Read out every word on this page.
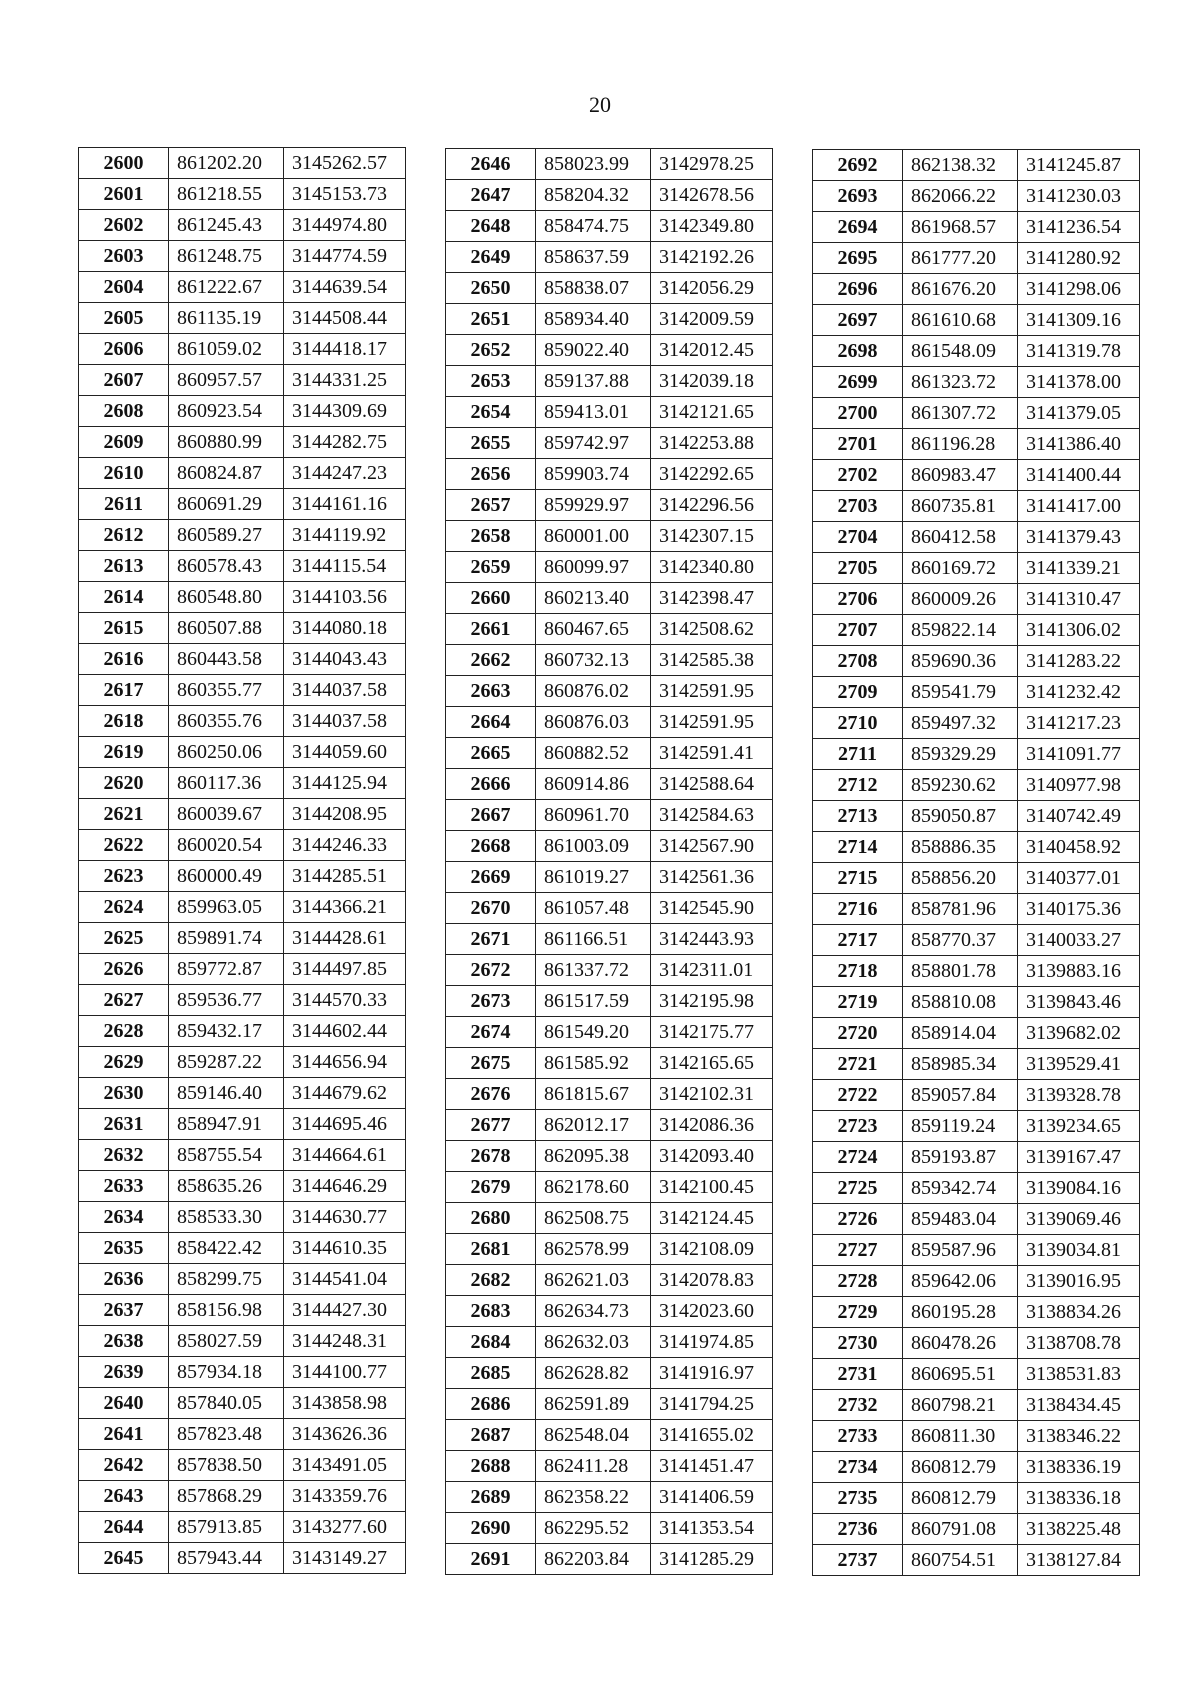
20
2600	861202.20	3145262.57
2601	861218.55	3145153.73
2602	861245.43	3144974.80
2603	861248.75	3144774.59
2604	861222.67	3144639.54
2605	861135.19	3144508.44
2606	861059.02	3144418.17
2607	860957.57	3144331.25
2608	860923.54	3144309.69
2609	860880.99	3144282.75
2610	860824.87	3144247.23
2611	860691.29	3144161.16
2612	860589.27	3144119.92
2613	860578.43	3144115.54
2614	860548.80	3144103.56
2615	860507.88	3144080.18
2616	860443.58	3144043.43
2617	860355.77	3144037.58
2618	860355.76	3144037.58
2619	860250.06	3144059.60
2620	860117.36	3144125.94
2621	860039.67	3144208.95
2622	860020.54	3144246.33
2623	860000.49	3144285.51
2624	859963.05	3144366.21
2625	859891.74	3144428.61
2626	859772.87	3144497.85
2627	859536.77	3144570.33
2628	859432.17	3144602.44
2629	859287.22	3144656.94
2630	859146.40	3144679.62
2631	858947.91	3144695.46
2632	858755.54	3144664.61
2633	858635.26	3144646.29
2634	858533.30	3144630.77
2635	858422.42	3144610.35
2636	858299.75	3144541.04
2637	858156.98	3144427.30
2638	858027.59	3144248.31
2639	857934.18	3144100.77
2640	857840.05	3143858.98
2641	857823.48	3143626.36
2642	857838.50	3143491.05
2643	857868.29	3143359.76
2644	857913.85	3143277.60
2645	857943.44	3143149.27
2646	858023.99	3142978.25
2647	858204.32	3142678.56
2648	858474.75	3142349.80
2649	858637.59	3142192.26
2650	858838.07	3142056.29
2651	858934.40	3142009.59
2652	859022.40	3142012.45
2653	859137.88	3142039.18
2654	859413.01	3142121.65
2655	859742.97	3142253.88
2656	859903.74	3142292.65
2657	859929.97	3142296.56
2658	860001.00	3142307.15
2659	860099.97	3142340.80
2660	860213.40	3142398.47
2661	860467.65	3142508.62
2662	860732.13	3142585.38
2663	860876.02	3142591.95
2664	860876.03	3142591.95
2665	860882.52	3142591.41
2666	860914.86	3142588.64
2667	860961.70	3142584.63
2668	861003.09	3142567.90
2669	861019.27	3142561.36
2670	861057.48	3142545.90
2671	861166.51	3142443.93
2672	861337.72	3142311.01
2673	861517.59	3142195.98
2674	861549.20	3142175.77
2675	861585.92	3142165.65
2676	861815.67	3142102.31
2677	862012.17	3142086.36
2678	862095.38	3142093.40
2679	862178.60	3142100.45
2680	862508.75	3142124.45
2681	862578.99	3142108.09
2682	862621.03	3142078.83
2683	862634.73	3142023.60
2684	862632.03	3141974.85
2685	862628.82	3141916.97
2686	862591.89	3141794.25
2687	862548.04	3141655.02
2688	862411.28	3141451.47
2689	862358.22	3141406.59
2690	862295.52	3141353.54
2691	862203.84	3141285.29
2692	862138.32	3141245.87
2693	862066.22	3141230.03
2694	861968.57	3141236.54
2695	861777.20	3141280.92
2696	861676.20	3141298.06
2697	861610.68	3141309.16
2698	861548.09	3141319.78
2699	861323.72	3141378.00
2700	861307.72	3141379.05
2701	861196.28	3141386.40
2702	860983.47	3141400.44
2703	860735.81	3141417.00
2704	860412.58	3141379.43
2705	860169.72	3141339.21
2706	860009.26	3141310.47
2707	859822.14	3141306.02
2708	859690.36	3141283.22
2709	859541.79	3141232.42
2710	859497.32	3141217.23
2711	859329.29	3141091.77
2712	859230.62	3140977.98
2713	859050.87	3140742.49
2714	858886.35	3140458.92
2715	858856.20	3140377.01
2716	858781.96	3140175.36
2717	858770.37	3140033.27
2718	858801.78	3139883.16
2719	858810.08	3139843.46
2720	858914.04	3139682.02
2721	858985.34	3139529.41
2722	859057.84	3139328.78
2723	859119.24	3139234.65
2724	859193.87	3139167.47
2725	859342.74	3139084.16
2726	859483.04	3139069.46
2727	859587.96	3139034.81
2728	859642.06	3139016.95
2729	860195.28	3138834.26
2730	860478.26	3138708.78
2731	860695.51	3138531.83
2732	860798.21	3138434.45
2733	860811.30	3138346.22
2734	860812.79	3138336.19
2735	860812.79	3138336.18
2736	860791.08	3138225.48
2737	860754.51	3138127.84
